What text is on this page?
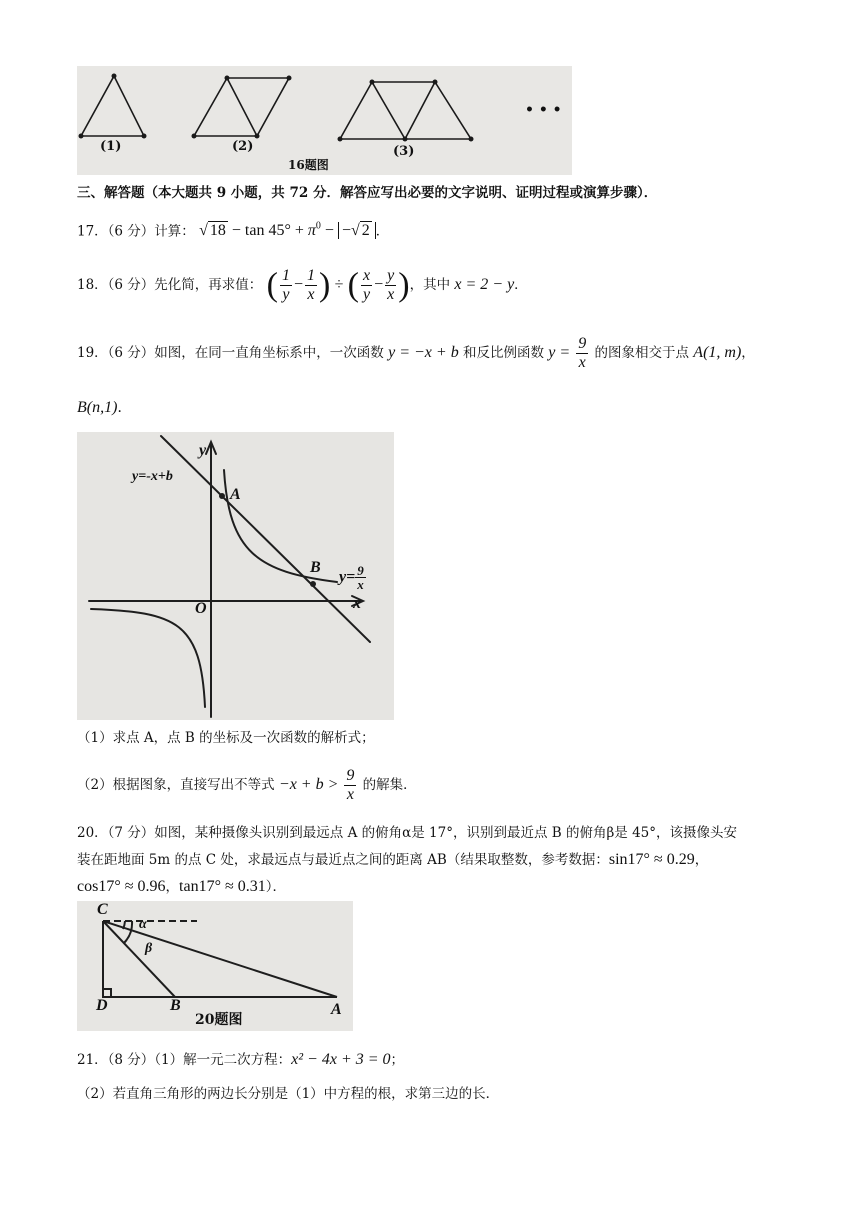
(1)	(2)	(3)
16题图
• • •
三、解答题（本大题共 9 小题，共 72 分．解答应写出必要的文字说明、证明过程或演算步骤）．
17．（6 分）计算： √ $18 - \tan 45^\circ + \pi^0$ − −√ 2 ．
18．（6 分）先化简，再求值： ( $\frac{1}{y} - \frac{1}{x}$ ) ÷ ( $\frac{x}{y} - \frac{y}{x}$ )，其中 x = 2 − y．
19．（6 分）如图，在同一直角坐标系中，一次函数 y = −x + b 和反比例函数 $y = \frac{9}{x}$ 的图象相交于点 A(1, m)，
B(n,1)．
y
x
O
y=-x+b
A
B
$y= \frac{9}{x}$
（1）求点 A，点 B 的坐标及一次函数的解析式；
（2）根据图象，直接写出不等式 $-x + b > \frac{9}{x}$ 的解集．
20．（7 分）如图，某种摄像头识别到最远点 A 的俯角α是 17°，识别到最近点 B 的俯角β是 45°，该摄像头安
装在距地面 5m 的点 C 处，求最远点与最近点之间的距离 AB（结果取整数，参考数据：sin17° ≈ 0.29，
cos17° ≈ 0.96，tan17° ≈ 0.31）．
C
D	B	A
α
β
20题图
21．（8 分）（1）解一元二次方程：x² − 4x + 3 = 0；
（2）若直角三角形的两边长分别是（1）中方程的根，求第三边的长．
